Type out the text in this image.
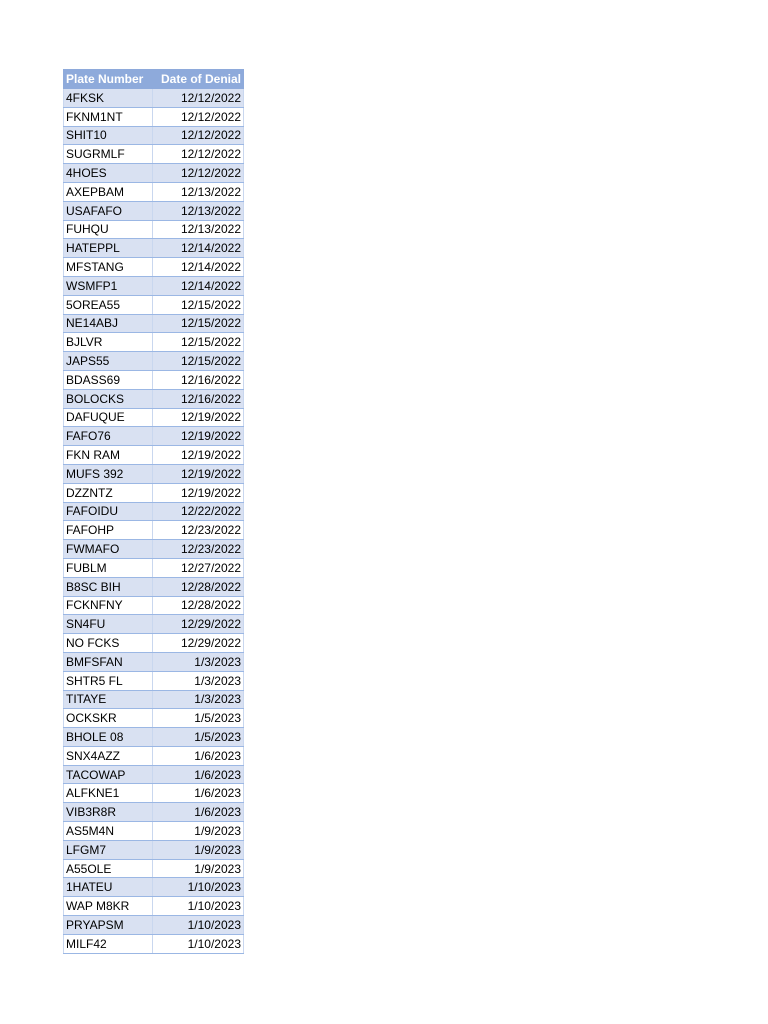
Plate Number	Date of Denial
4FKSK	12/12/2022
FKNM1NT	12/12/2022
SHIT10	12/12/2022
SUGRMLF	12/12/2022
4HOES	12/12/2022
AXEPBAM	12/13/2022
USAFAFO	12/13/2022
FUHQU	12/13/2022
HATEPPL	12/14/2022
MFSTANG	12/14/2022
WSMFP1	12/14/2022
5OREA55	12/15/2022
NE14ABJ	12/15/2022
BJLVR	12/15/2022
JAPS55	12/15/2022
BDASS69	12/16/2022
BOLOCKS	12/16/2022
DAFUQUE	12/19/2022
FAFO76	12/19/2022
FKN RAM	12/19/2022
MUFS 392	12/19/2022
DZZNTZ	12/19/2022
FAFOIDU	12/22/2022
FAFOHP	12/23/2022
FWMAFO	12/23/2022
FUBLM	12/27/2022
B8SC BIH	12/28/2022
FCKNFNY	12/28/2022
SN4FU	12/29/2022
NO FCKS	12/29/2022
BMFSFAN	1/3/2023
SHTR5 FL	1/3/2023
TITAYE	1/3/2023
OCKSKR	1/5/2023
BHOLE 08	1/5/2023
SNX4AZZ	1/6/2023
TACOWAP	1/6/2023
ALFKNE1	1/6/2023
VIB3R8R	1/6/2023
AS5M4N	1/9/2023
LFGM7	1/9/2023
A55OLE	1/9/2023
1HATEU	1/10/2023
WAP M8KR	1/10/2023
PRYAPSM	1/10/2023
MILF42	1/10/2023
